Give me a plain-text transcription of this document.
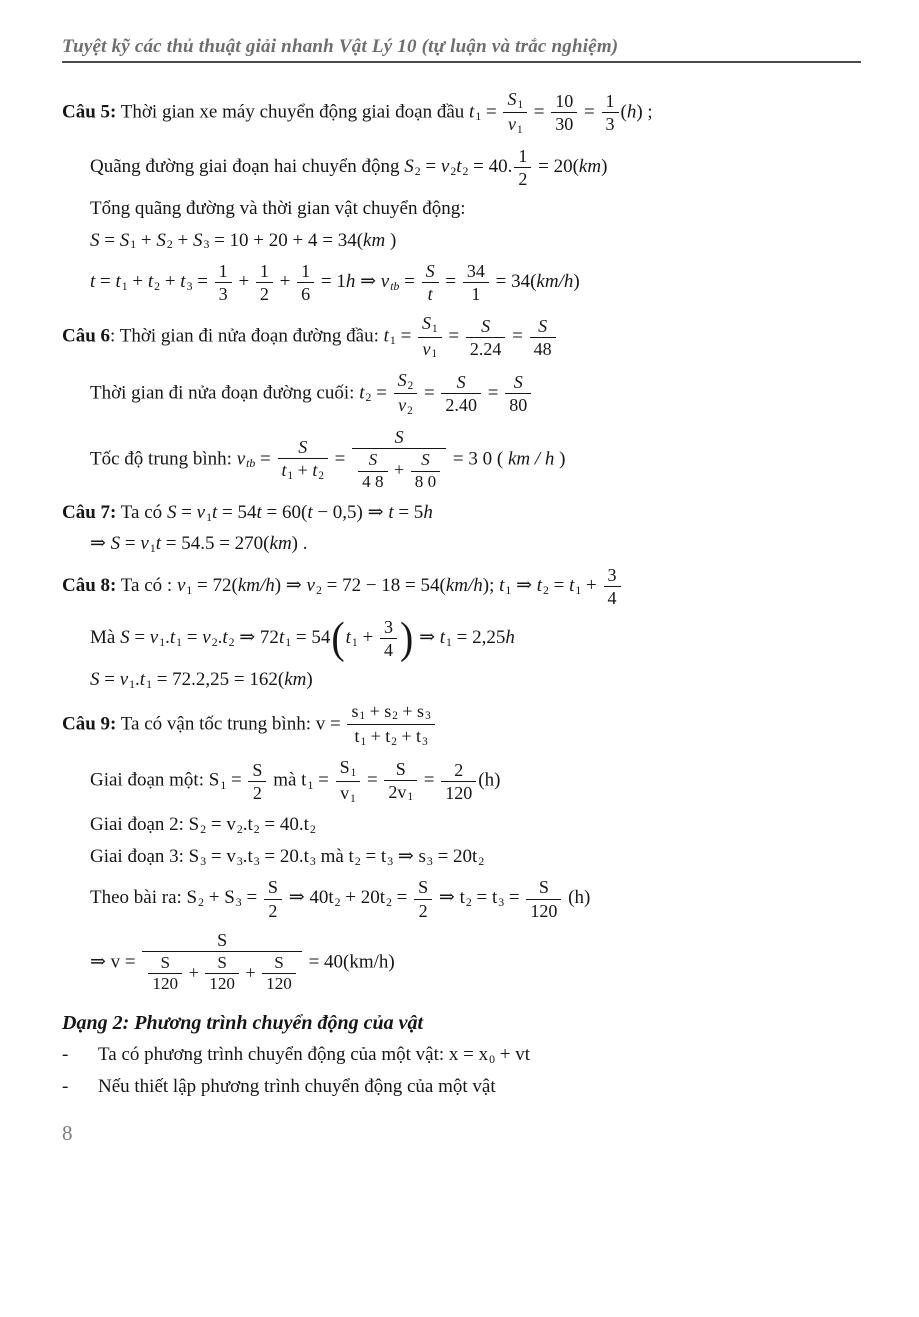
Tuyệt kỹ các thủ thuật giải nhanh Vật Lý 10 (tự luận và trắc nghiệm)
Câu 5: Thời gian xe máy chuyển động giai đoạn đầu $t_1 = \frac{S_1}{v_1} = \frac{10}{30} = \frac{1}{3} (h)$ ;
Quãng đường giai đoạn hai chuyển động $S_2 = v_2t_2 = 40$. $\frac{1}{2} = 20(km)$
Tổng quãng đường và thời gian vật chuyển động:
$S = S_1 + S_2 + S_3 = 10 + 20 + 4 = 34(km$ )
$t = t_1 + t_2 + t_3 = \frac{1}{3} + \frac{1}{2} + \frac{1}{6} = 1h$ ⇒ $v_{tb} = \frac{S}{t} = \frac{34}{1} = 34(km/h)$
Câu 6: Thời gian đi nửa đoạn đường đầu: $t_1 = \frac{S_1}{v_1} = \frac{S}{2.24} = \frac{S}{48}$
Thời gian đi nửa đoạn đường cuối: $t_2 = \frac{S_2}{v_2} = \frac{S}{2.40} = \frac{S}{80}$
Tốc độ trung bình: $v_{tb} = \frac{S}{t_1 + t_2} = \frac{S}{\frac{S}{4 8} + \frac{S}{8 0}} = 3$ 0 ( km / h )
Câu 7: Ta có $S = v_1t = 54t = 60(t - 0,5)$ ⇒ t = 5h
⇒ $S = v_1t = 54.5 = 270(km)$ .
Câu 8: Ta có : $v_1 = 72(km/h)$ ⇒ $v_2 = 72 - 18 = 54(km/h)$; $t_1$ ⇒ $t_2 = t_1 + \frac{3}{4}$
Mà $S = v_1.t_1 = v_2.t_2$ ⇒ $72t_1 = 54(t_1 + \frac{3}{4}$ ) ⇒ $t_1 = 2,25h$
$S = v_1.t_1 = 72.2,25 = 162(km)$
Câu 9: Ta có vận tốc trung bình: $v = \frac{s_1 + s_2 + s_3}{t_1 + t_2 + t_3}$
Giai đoạn một: $S_1 = \frac{S}{2}$ mà $t_1 = \frac{S_1}{v_1} = \frac{S}{2v_1} = \frac{2}{120} (h)$
Giai đoạn 2: $S_2 = v_2.t_2 = 40.t_2$
Giai đoạn 3: $S_3 = v_3.t_3 = 20.t_3$ mà $t_2 = t_3$ ⇒ $s_3 = 20t_2$
Theo bài ra: $S_2 + S_3 = \frac{S}{2}$ ⇒ $40t_2 + 20t_2 = \frac{S}{2}$ ⇒ $t_2 = t_3 = \frac{S}{120} (h)$
⇒ $v = \frac{S}{\frac{S}{120} + \frac{S}{120} + \frac{S}{120}} = 40(km/h)$
Dạng 2: Phương trình chuyển động của vật
- Ta có phương trình chuyển động của một vật: $x = x_0$ + vt
- Nếu thiết lập phương trình chuyển động của một vật
8
